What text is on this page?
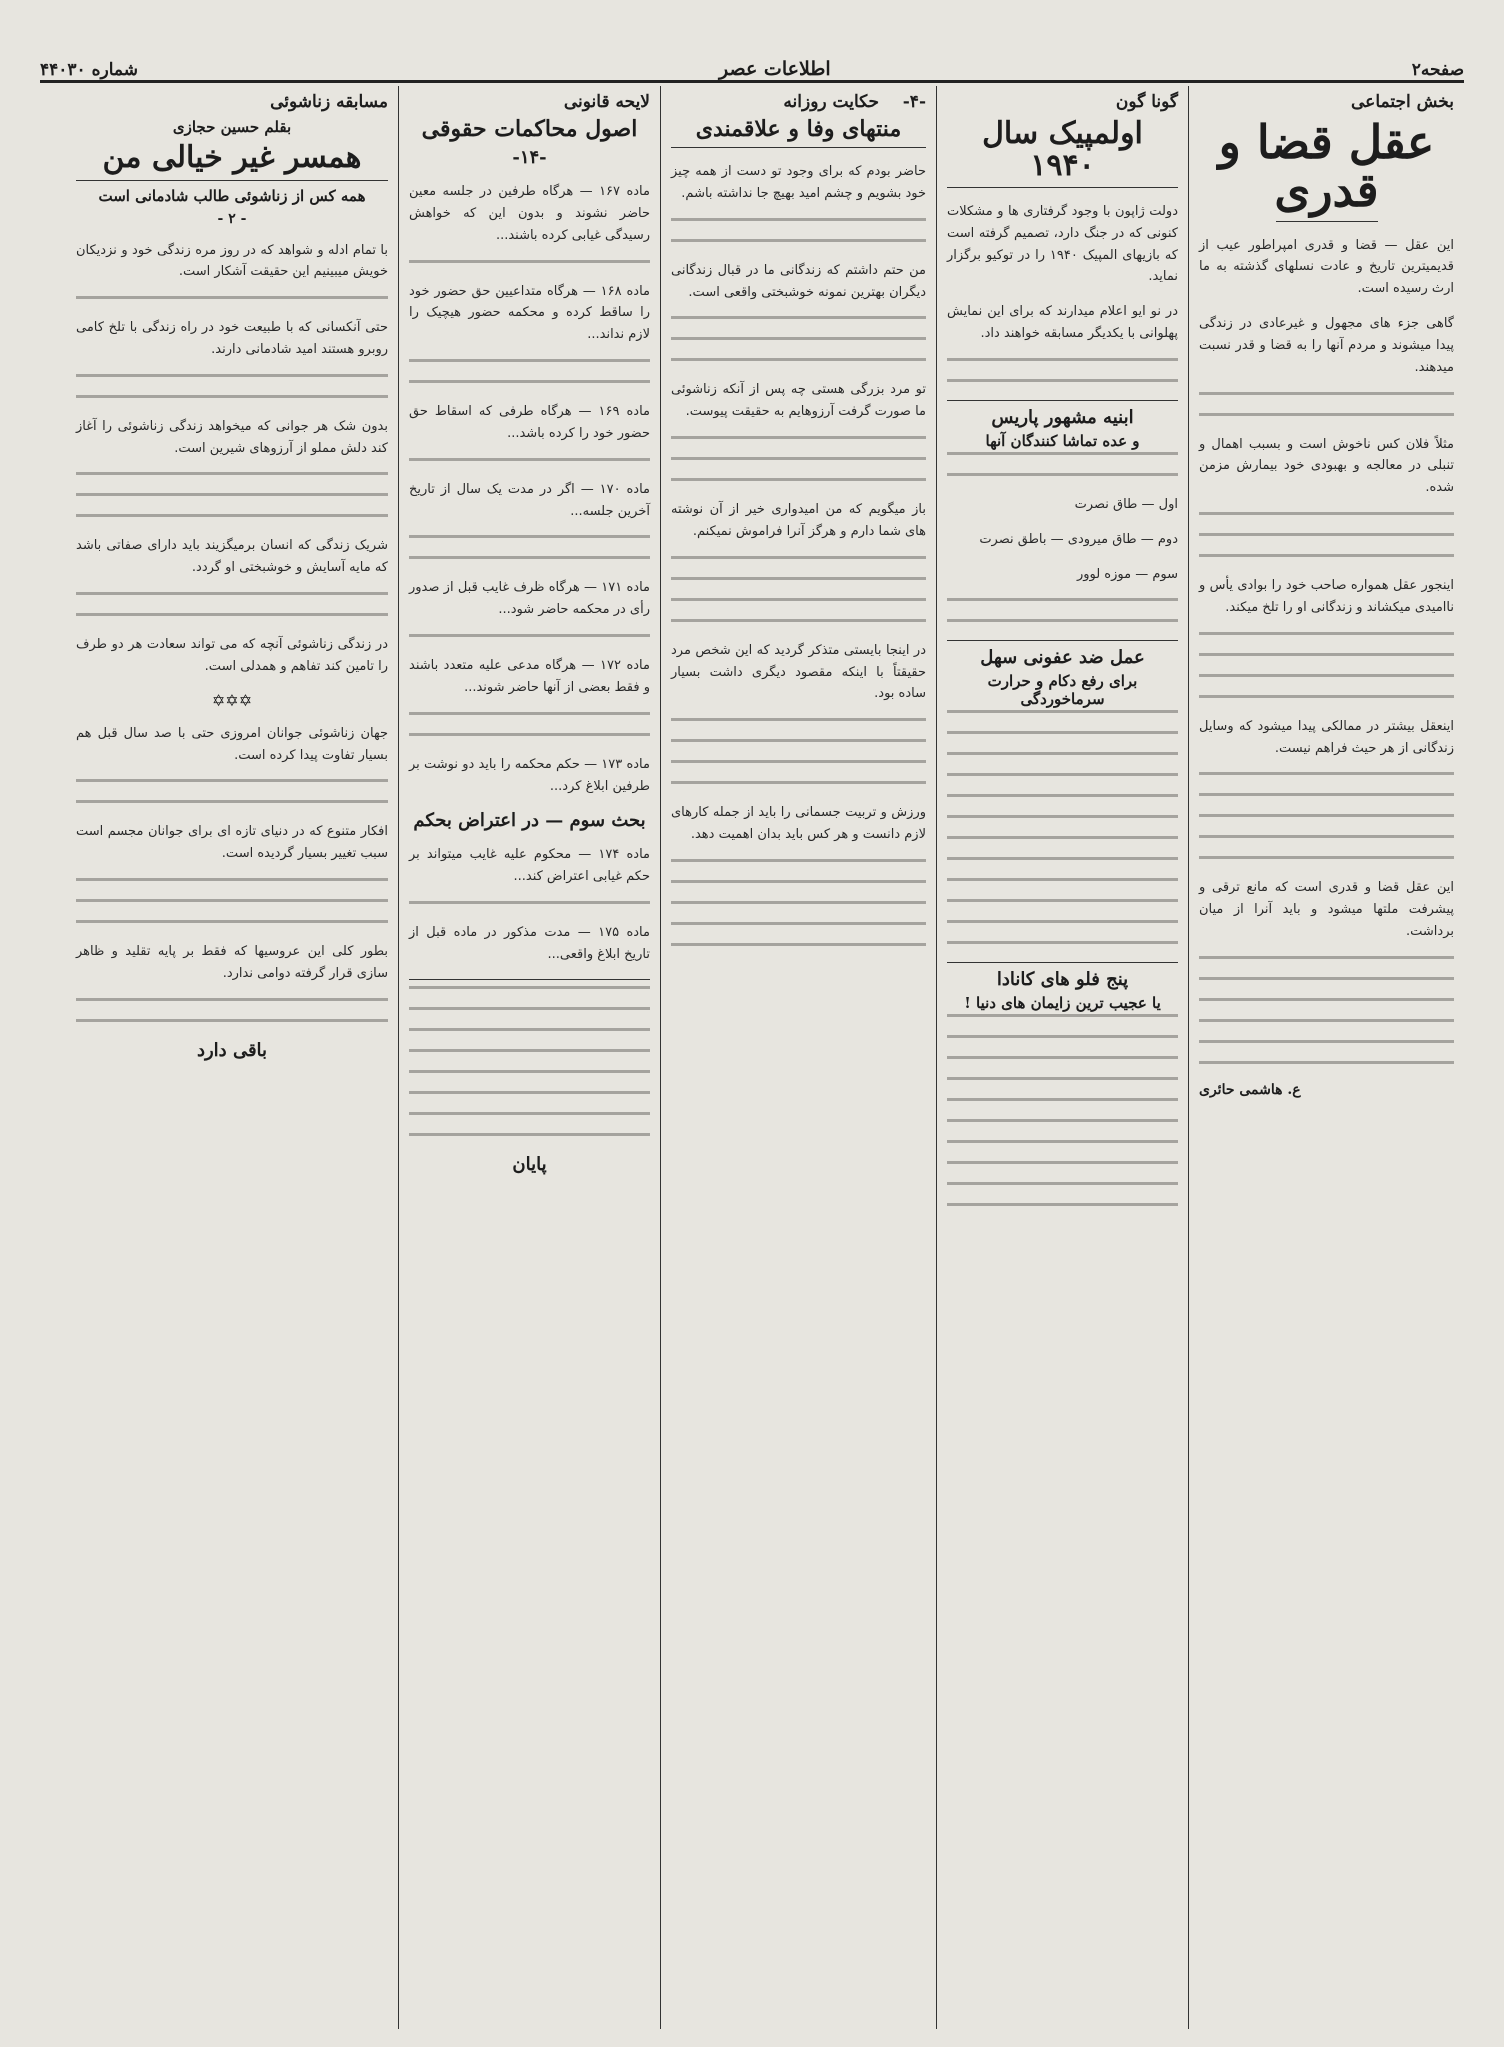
صفحه۲
اطلاعات عصر
شماره ۴۴۰۳۰
بخش اجتماعی
عقل قضا و قدری

این عقل — قضا و قدری امپراطور عیب از قدیمیترین تاریخ و عادت نسلهای گذشته به ما ارث رسیده است.

گاهی جزء های مجهول و غیرعادی در زندگی پیدا میشوند و مردم آنها را به قضا و قدر نسبت میدهند.

مثلاً فلان کس ناخوش است و بسبب اهمال و تنبلی در معالجه و بهبودی خود بیمارش مزمن شده.

اینجور عقل همواره صاحب خود را بوادی یأس و ناامیدی میکشاند و زندگانی او را تلخ میکند.

اینعقل بیشتر در ممالکی پیدا میشود که وسایل زندگانی از هر حیث فراهم نیست.

این عقل قضا و قدری است که مانع ترقی و پیشرفت ملتها میشود و باید آنرا از میان برداشت.

ع. هاشمی حائری
گونا گون
اولمپیک سال ۱۹۴۰

دولت ژاپون با وجود گرفتاری ها و مشکلات کنونی که در جنگ دارد، تصمیم گرفته است که بازیهای المپیک ۱۹۴۰ را در توکیو برگزار نماید.

در نو ایو اعلام میدارند که برای این نمایش پهلوانی با یکدیگر مسابقه خواهند داد.

ابنیه مشهور پاریس
و عده تماشا کنندگان آنها

اول — طاق نصرت

دوم — طاق میرودی — باطق نصرت

سوم — موزه لوور

عمل ضد عفونی سهل
برای رفع دکام و حرارت سرماخوردگی
پنج فلو های کانادا
یا عجیب ترین زایمان های دنیا !
-۴-    حکایت روزانه
منتهای وفا و علاقمندی

حاضر بودم که برای وجود تو دست از همه چیز خود بشویم و چشم امید بهیچ جا نداشته باشم.

من حتم داشتم که زندگانی ما در قبال زندگانی دیگران بهترین نمونه خوشبختی واقعی است.

تو مرد بزرگی هستی چه پس از آنکه زناشوئی ما صورت گرفت آرزوهایم به حقیقت پیوست.

باز میگویم که من امیدواری خیر از آن نوشته های شما دارم و هرگز آنرا فراموش نمیکنم.

در اینجا بایستی متذکر گردید که این شخص مرد حقیقتاً با اینکه مقصود دیگری داشت بسیار ساده بود.

ورزش و تربیت جسمانی را باید از جمله کارهای لازم دانست و هر کس باید بدان اهمیت دهد.

لایحه قانونی
اصول محاکمات حقوقی
-۱۴-

ماده ۱۶۷ — هرگاه طرفین در جلسه معین حاضر نشوند و بدون این که خواهش رسیدگی غیابی کرده باشند...

ماده ۱۶۸ — هرگاه متداعیین حق حضور خود را ساقط کرده و محکمه حضور هیچیک را لازم نداند...

ماده ۱۶۹ — هرگاه طرفی که اسقاط حق حضور خود را کرده باشد...

ماده ۱۷۰ — اگر در مدت یک سال از تاریخ آخرین جلسه...

ماده ۱۷۱ — هرگاه ظرف غایب قبل از صدور رأی در محکمه حاضر شود...

ماده ۱۷۲ — هرگاه مدعی علیه متعدد باشند و فقط بعضی از آنها حاضر شوند...

ماده ۱۷۳ — حکم محکمه را باید دو نوشت بر طرفین ابلاغ کرد...

بحث سوم — در اعتراض بحکم

ماده ۱۷۴ — محکوم علیه غایب میتواند بر حکم غیابی اعتراض کند...

ماده ۱۷۵ — مدت مذکور در ماده قبل از تاریخ ابلاغ واقعی...

پایان
مسابقه زناشوئی
بقلم حسین حجازی
همسر غیر خیالی من
همه کس از زناشوئی طالب شادمانی است
- ۲ -

با تمام ادله و شواهد که در روز مره زندگی خود و نزدیکان خویش میبینیم این حقیقت آشکار است.

حتی آنکسانی که با طبیعت خود در راه زندگی با تلخ کامی روبرو هستند امید شادمانی دارند.

بدون شک هر جوانی که میخواهد زندگی زناشوئی را آغاز کند دلش مملو از آرزوهای شیرین است.

شریک زندگی که انسان برمیگزیند باید دارای صفاتی باشد که مایه آسایش و خوشبختی او گردد.

در زندگی زناشوئی آنچه که می تواند سعادت هر دو طرف را تامین کند تفاهم و همدلی است.

✡✡✡

جهان زناشوئی جوانان امروزی حتی با صد سال قبل هم بسیار تفاوت پیدا کرده است.

افکار متنوع که در دنیای تازه ای برای جوانان مجسم است سبب تغییر بسیار گردیده است.

بطور کلی این عروسیها که فقط بر پایه تقلید و ظاهر سازی قرار گرفته دوامی ندارد.

باقی دارد
